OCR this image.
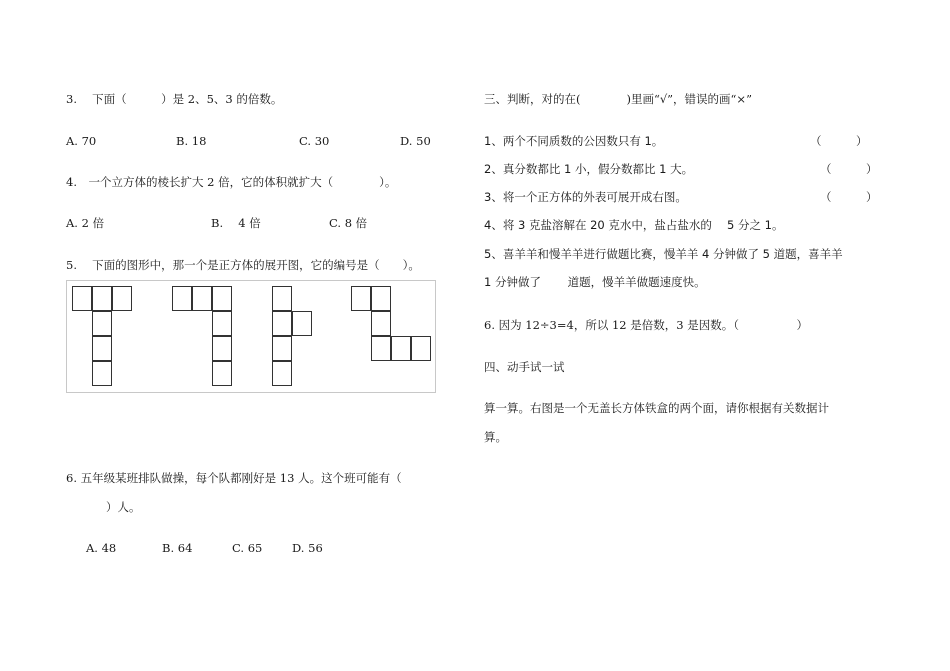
3.　 下面（　　　）是 2、5、3 的倍数。
A. 70	B. 18	C. 30	D. 50
4.　一个立方体的棱长扩大 2 倍，它的体积就扩大（　　　　）。
A. 2 倍	B.　 4 倍	C. 8 倍
5.　 下面的图形中，那一个是正方体的展开图，它的编号是（　　）。
6. 五年级某班排队做操，每个队都刚好是 13 人。这个班可能有（
）人。
A. 48	B. 64	C. 65	D. 56
三、判断，对的在(　　　　)里画“√”，错误的画“×”
1、两个不同质数的公因数只有 1。	（　　　）
2、真分数都比 1 小，假分数都比 1 大。	（　　　）
3、将一个正方体的外表可展开成右图。	（　　　）
4、将 3 克盐溶解在 20 克水中，盐占盐水的　 5 分之 1。
5、喜羊羊和慢羊羊进行做题比赛，慢羊羊 4 分钟做了 5 道题，喜羊羊
1 分钟做了　　 道题，慢羊羊做题速度快。
6. 因为 12÷3=4，所以 12 是倍数，3 是因数。（　　　　　）
四、动手试一试
算一算。右图是一个无盖长方体铁盒的两个面，请你根据有关数据计
算。
